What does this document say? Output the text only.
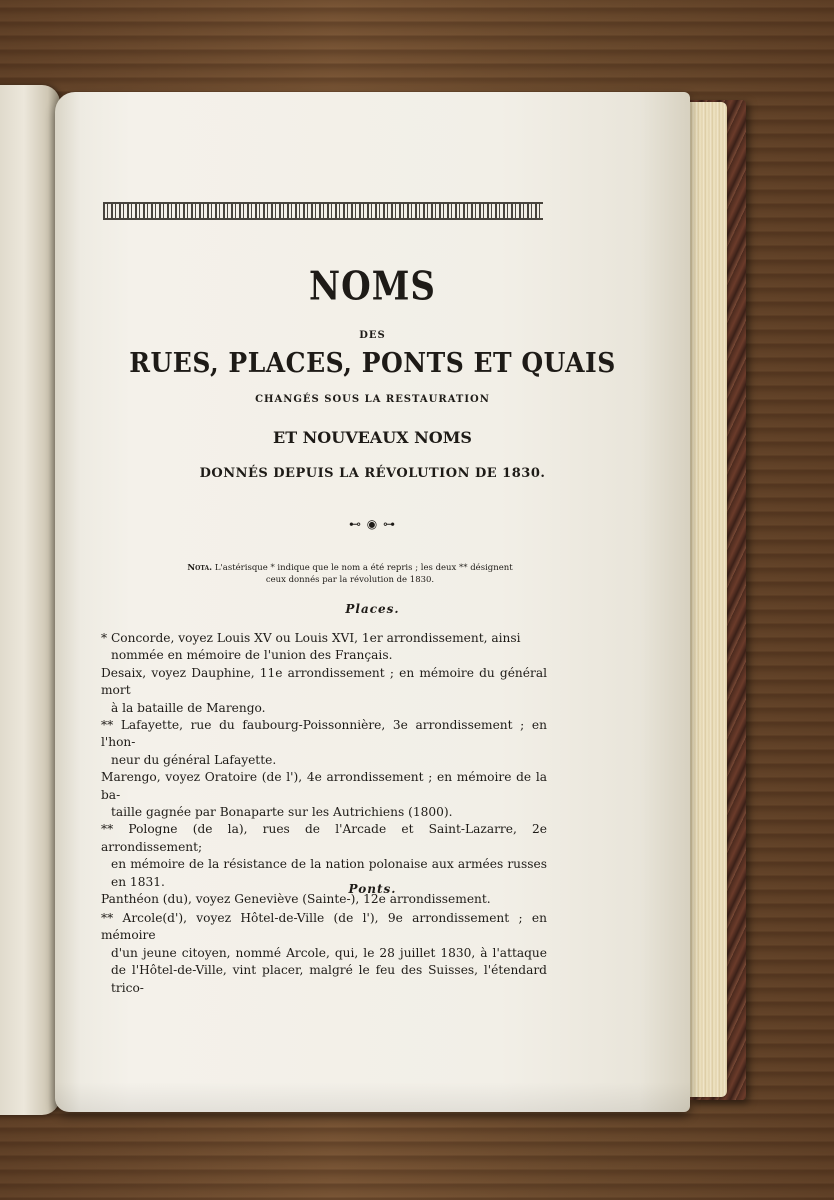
NOMS
DES
RUES, PLACES, PONTS ET QUAIS
CHANGÉS SOUS LA RESTAURATION
ET NOUVEAUX NOMS
DONNÉS DEPUIS LA RÉVOLUTION DE 1830.
⊷ ◉ ⊶
Nota. L'astérisque * indique que le nom a été repris ; les deux ** désignent
ceux donnés par la révolution de 1830.
Places.
* Concorde, voyez Louis XV ou Louis XVI, 1er arrondissement, ainsi
nommée en mémoire de l'union des Français.
Desaix, voyez Dauphine, 11e arrondissement ; en mémoire du général mort
à la bataille de Marengo.
** Lafayette, rue du faubourg-Poissonnière, 3e arrondissement ; en l'hon-
neur du général Lafayette.
Marengo, voyez Oratoire (de l'), 4e arrondissement ; en mémoire de la ba-
taille gagnée par Bonaparte sur les Autrichiens (1800).
** Pologne (de la), rues de l'Arcade et Saint-Lazarre, 2e arrondissement;
en mémoire de la résistance de la nation polonaise aux armées russes en 1831.
Panthéon (du), voyez Geneviève (Sainte-), 12e arrondissement.
Ponts.
** Arcole(d'), voyez Hôtel-de-Ville (de l'), 9e arrondissement ; en mémoire
d'un jeune citoyen, nommé Arcole, qui, le 28 juillet 1830, à l'attaque de l'Hôtel-de-Ville, vint placer, malgré le feu des Suisses, l'étendard trico-
